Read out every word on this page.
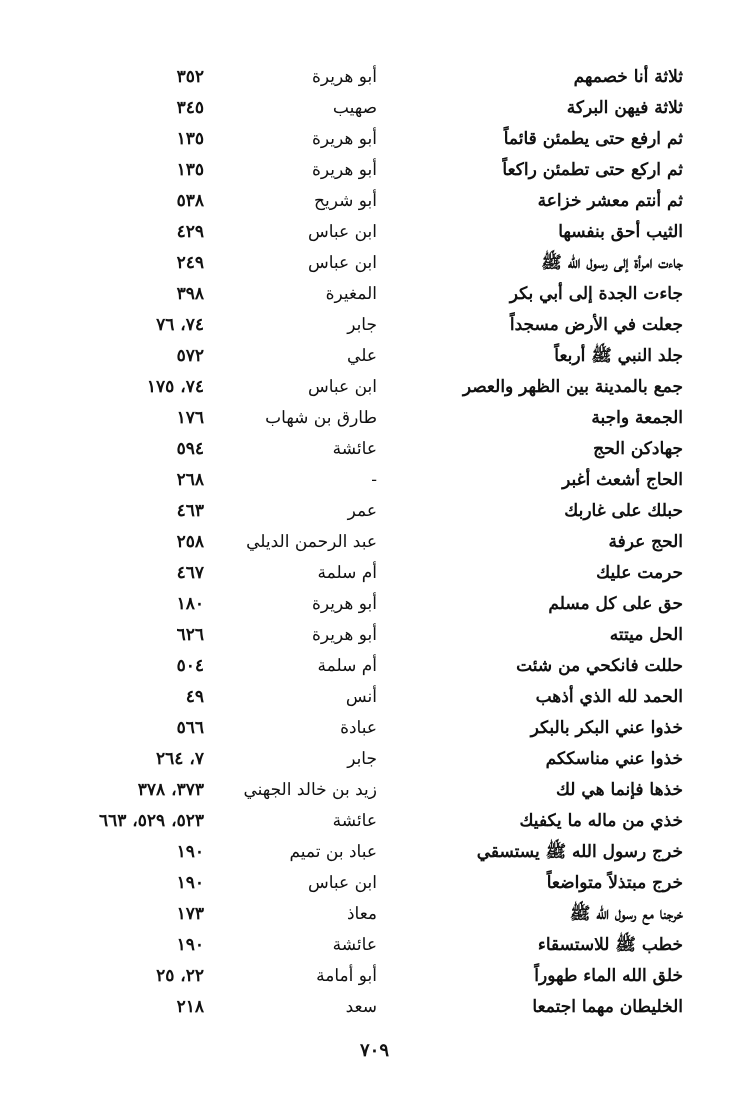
ثلاثة أنا خصمهم
أبو هريرة
٣٥٢
ثلاثة فيهن البركة
صهيب
٣٤٥
ثم ارفع حتى يطمئن قائماً
أبو هريرة
١٣٥
ثم اركع حتى تطمئن راكعاً
أبو هريرة
١٣٥
ثم أنتم معشر خزاعة
أبو شريح
٥٣٨
الثيب أحق بنفسها
ابن عباس
٤٢٩
جاءت امرأة إلى رسول الله ﷺ
ابن عباس
٢٤٩
جاءت الجدة إلى أبي بكر
المغيرة
٣٩٨
جعلت في الأرض مسجداً
جابر
٧٤، ٧٦
جلد النبي ﷺ أربعاً
علي
٥٧٢
جمع بالمدينة بين الظهر والعصر
ابن عباس
٧٤، ١٧٥
الجمعة واجبة
طارق بن شهاب
١٧٦
جهادكن الحج
عائشة
٥٩٤
الحاج أشعث أغبر
-
٢٦٨
حبلك على غاربك
عمر
٤٦٣
الحج عرفة
عبد الرحمن الديلي
٢٥٨
حرمت عليك
أم سلمة
٤٦٧
حق على كل مسلم
أبو هريرة
١٨٠
الحل ميتته
أبو هريرة
٦٢٦
حللت فانكحي من شئت
أم سلمة
٥٠٤
الحمد لله الذي أذهب
أنس
٤٩
خذوا عني البكر بالبكر
عبادة
٥٦٦
خذوا عني مناسككم
جابر
٧، ٢٦٤
خذها فإنما هي لك
زيد بن خالد الجهني
٣٧٣، ٣٧٨
خذي من ماله ما يكفيك
عائشة
٥٢٣، ٥٢٩، ٦٦٣
خرج رسول الله ﷺ يستسقي
عباد بن تميم
١٩٠
خرج مبتذلاً متواضعاً
ابن عباس
١٩٠
خرجنا مع رسول الله ﷺ
معاذ
١٧٣
خطب ﷺ للاستسقاء
عائشة
١٩٠
خلق الله الماء طهوراً
أبو أمامة
٢٢، ٢٥
الخليطان مهما اجتمعا
سعد
٢١٨
٧٠٩
